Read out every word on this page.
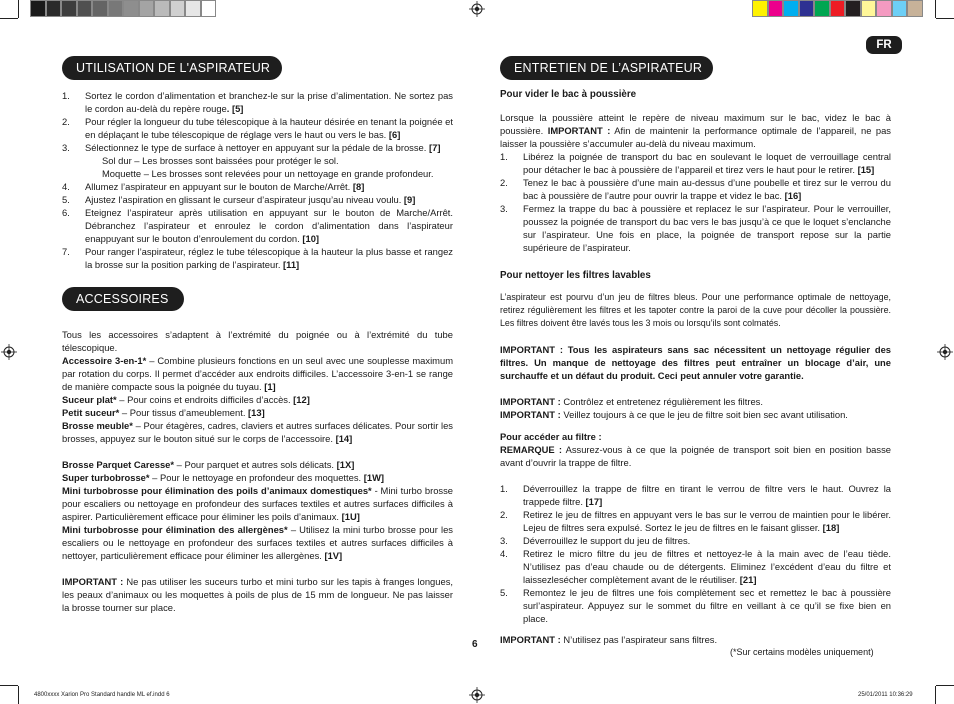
FR
UTILISATION DE L'ASPIRATEUR
1. Sortez le cordon d’alimentation et branchez-le sur la prise d’alimentation. Ne sortez pas le cordon au-delà du repère rouge. [5]
2. Pour régler la longueur du tube télescopique à la hauteur désirée en tenant la poignée et en déplaçant le tube télescopique de réglage vers le haut ou vers le bas. [6]
3. Sélectionnez le type de surface à nettoyer en appuyant sur la pédale de la brosse. [7]
Sol dur – Les brosses sont baissées pour protéger le sol.
Moquette – Les brosses sont relevées pour un nettoyage en grande profondeur.
4. Allumez l’aspirateur en appuyant sur le bouton de Marche/Arrêt. [8]
5. Ajustez l’aspiration en glissant le curseur d’aspirateur jusqu’au niveau voulu. [9]
6. Eteignez l’aspirateur après utilisation en appuyant sur le bouton de Marche/Arrêt. Débranchez l’aspirateur et enroulez le cordon d’alimentation dans l’aspirateur enappuyant sur le bouton d’enroulement du cordon. [10]
7. Pour ranger l’aspirateur, réglez le tube télescopique à la hauteur la plus basse et rangez la brosse sur la position parking de l’aspirateur. [11]
ACCESSOIRES

Tous les accessoires s’adaptent à l’extrémité du poignée ou à l’extrémité du tube télescopique.

Accessoire 3-en-1* – Combine plusieurs fonctions en un seul avec une souplesse maximum par rotation du corps. Il permet d’accéder aux endroits difficiles. L’accessoire 3-en-1 se range de manière compacte sous la poignée du tuyau. [1]

Suceur plat* – Pour coins et endroits difficiles d’accès. [12]

Petit suceur* – Pour tissus d’ameublement. [13]

Brosse meuble* – Pour étagères, cadres, claviers et autres surfaces délicates. Pour sortir les brosses, appuyez sur le bouton situé sur le corps de l’accessoire. [14]

Brosse Parquet Caresse* – Pour parquet et autres sols délicats. [1X]

Super turbobrosse* – Pour le nettoyage en profondeur des moquettes. [1W]

Mini turbobrosse pour élimination des poils d’animaux domestiques* - Mini turbo brosse pour escaliers ou nettoyage en profondeur des surfaces textiles et autres surfaces difficiles à aspirer. Particulièrement efficace pour éliminer les poils d’animaux. [1U]

Mini turbobrosse pour élimination des allergènes* – Utilisez la mini turbo brosse pour les escaliers ou le nettoyage en profondeur des surfaces textiles et autres surfaces difficiles à nettoyer, particulièrement efficace pour éliminer les allergènes. [1V]

IMPORTANT : Ne pas utiliser les suceurs turbo et mini turbo sur les tapis à franges longues, les peaux d’animaux ou les moquettes à poils de plus de 15 mm de longueur. Ne pas laisser la brosse tourner sur place.

ENTRETIEN DE L’ASPIRATEUR

Pour vider le bac à poussière

Lorsque la poussière atteint le repère de niveau maximum sur le bac, videz le bac à poussière. IMPORTANT : Afin de maintenir la performance optimale de l’appareil, ne pas laisser la poussière s’accumuler au-delà du niveau maximum.

1. Libérez la poignée de transport du bac en soulevant le loquet de verrouillage central pour détacher le bac à poussière de l’appareil et tirez vers le haut pour le retirer. [15]
2. Tenez le bac à poussière d’une main au-dessus d’une poubelle et tirez sur le verrou du bac à poussière de l’autre pour ouvrir la trappe et videz le bac. [16]
3. Fermez la trappe du bac à poussière et replacez le sur l’aspirateur. Pour le verrouiller, poussez la poignée de transport du bac vers le bas jusqu’à ce que le loquet s’enclanche sur l’aspirateur. Une fois en place, la poignée de transport repose sur la partie supérieure de l’aspirateur.

Pour nettoyer les filtres lavables

L’aspirateur est pourvu d’un jeu de filtres bleus. Pour une performance optimale de nettoyage, retirez régulièrement les filtres et les tapoter contre la paroi de la cuve pour décoller la poussière. Les filtres doivent être lavés tous les 3 mois ou lorsqu’ils sont colmatés.

IMPORTANT : Tous les aspirateurs sans sac nécessitent un nettoyage régulier des filtres. Un manque de nettoyage des filtres peut entraîner un blocage d’air, une surchauffe et un défaut du produit. Ceci peut annuler votre garantie.

IMPORTANT : Contrôlez et entretenez régulièrement les filtres.

IMPORTANT : Veillez toujours à ce que le jeu de filtre soit bien sec avant utilisation.

Pour accéder au filtre :

REMARQUE : Assurez-vous à ce que la poignée de transport soit bien en position basse avant d’ouvrir la trappe de filtre.

1. Déverrouillez la trappe de filtre en tirant le verrou de filtre vers le haut. Ouvrez la trappede filtre. [17]
2. Retirez le jeu de filtres en appuyant vers le bas sur le verrou de maintien pour le libérer. Lejeu de filtres sera expulsé. Sortez le jeu de filtres en le faisant glisser. [18]
3. Déverrouillez le support du jeu de filtres.
4. Retirez le micro filtre du jeu de filtres et nettoyez-le à la main avec de l’eau tiède. N’utilisez pas d’eau chaude ou de détergents. Eliminez l’excédent d’eau du filtre et laissezlesécher complètement avant de le réutiliser. [21]
5. Remontez le jeu de filtres une fois complètement sec et remettez le bac à poussière surl’aspirateur. Appuyez sur le sommet du filtre en veillant à ce qu’il se fixe bien en place.

IMPORTANT : N’utilisez pas l’aspirateur sans filtres.

(*Sur certains modèles uniquement)
6
4800xxxx Xarion Pro Standard handle ML ef.indd 6	25/01/2011 10:36:29
